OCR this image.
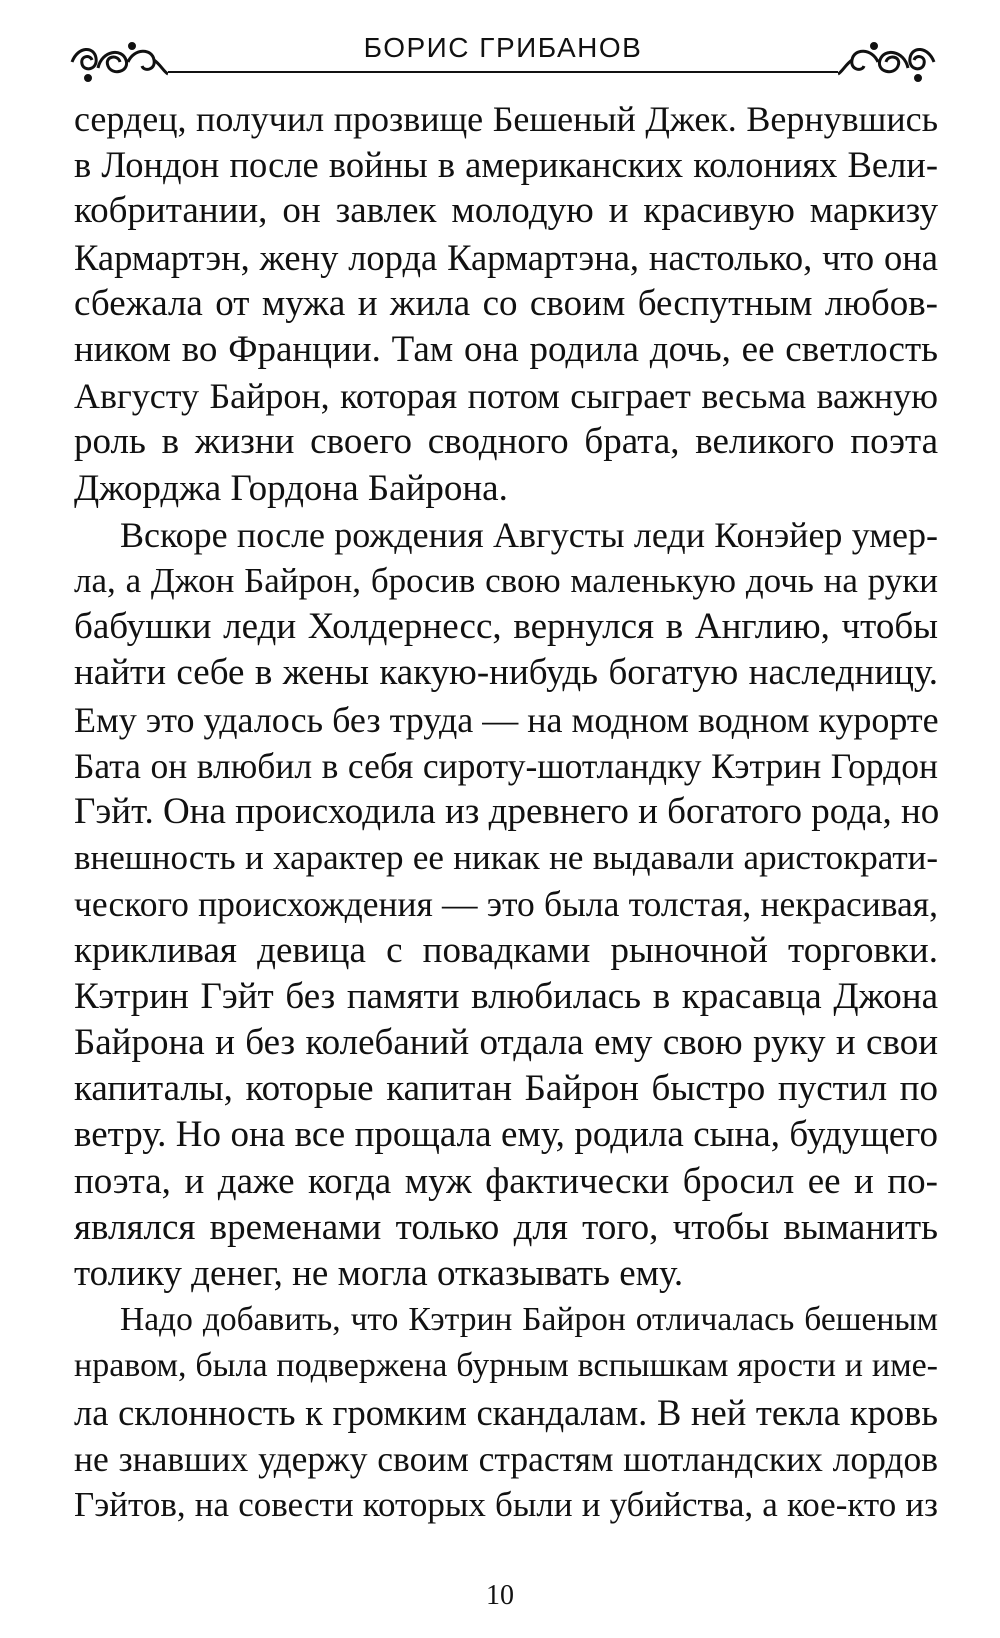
БОРИС ГРИБАНОВ

сердец, получил прозвище Бешеный Джек. Вернувшись
в Лондон после войны в американских колониях Вели-
кобритании, он завлек молодую и красивую маркизу
Кармартэн, жену лорда Кармартэна, настолько, что она
сбежала от мужа и жила со своим беспутным любов-
ником во Франции. Там она родила дочь, ее светлость
Августу Байрон, которая потом сыграет весьма важную
роль в жизни своего сводного брата, великого поэта
Джорджа Гордона Байрона.

Вскоре после рождения Августы леди Конэйер умер-
ла, а Джон Байрон, бросив свою маленькую дочь на руки
бабушки леди Холдернесс, вернулся в Англию, чтобы
найти себе в жены какую-нибудь богатую наследницу.
Ему это удалось без труда — на модном водном курорте
Бата он влюбил в себя сироту-шотландку Кэтрин Гордон
Гэйт. Она происходила из древнего и богатого рода, но
внешность и характер ее никак не выдавали аристократи-
ческого происхождения — это была толстая, некрасивая,
крикливая девица с повадками рыночной торговки.
Кэтрин Гэйт без памяти влюбилась в красавца Джона
Байрона и без колебаний отдала ему свою руку и свои
капиталы, которые капитан Байрон быстро пустил по
ветру. Но она все прощала ему, родила сына, будущего
поэта, и даже когда муж фактически бросил ее и по-
являлся временами только для того, чтобы выманить
толику денег, не могла отказывать ему.

Надо добавить, что Кэтрин Байрон отличалась бешеным
нравом, была подвержена бурным вспышкам ярости и име-
ла склонность к громким скандалам. В ней текла кровь
не знавших удержу своим страстям шотландских лордов
Гэйтов, на совести которых были и убийства, а кое-кто из

10
